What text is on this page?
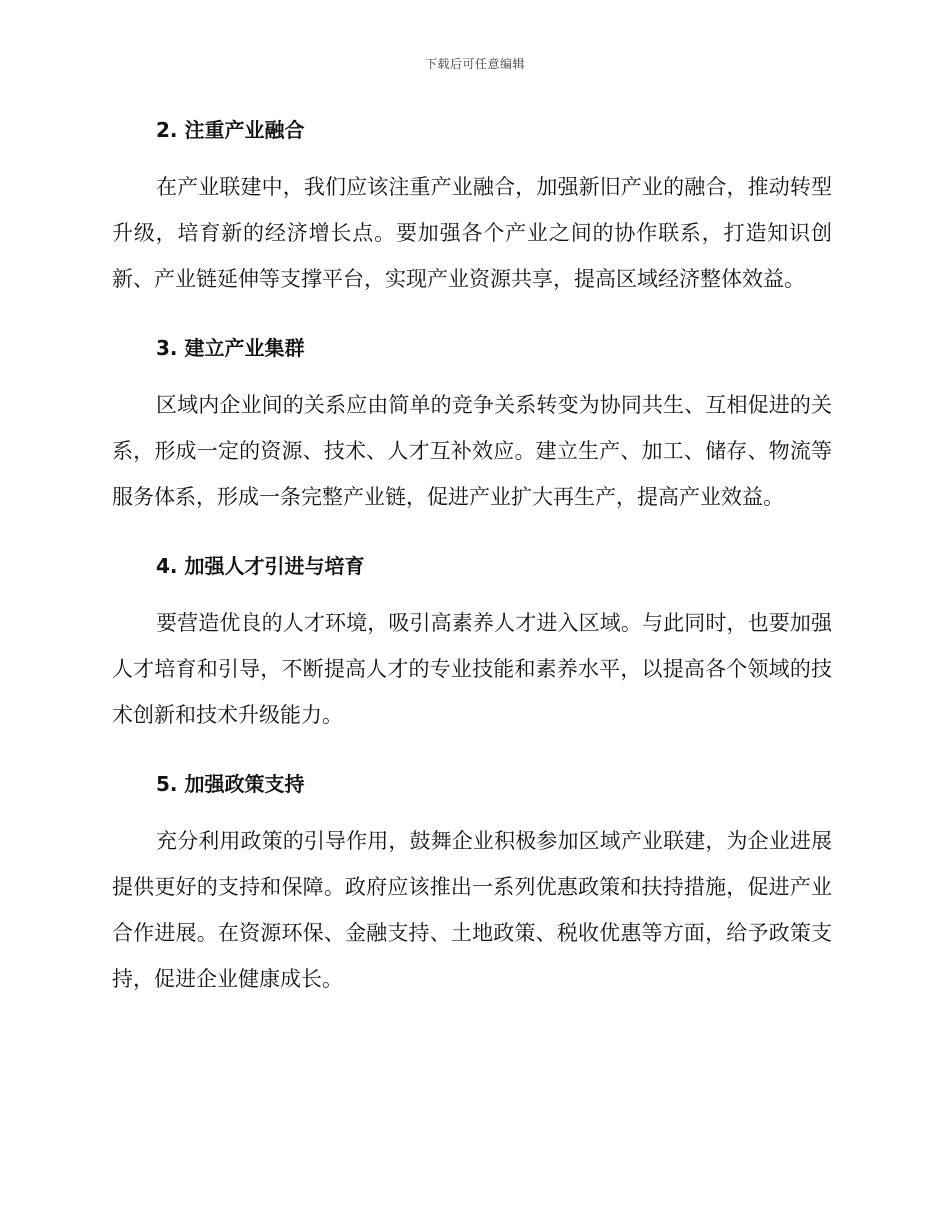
下载后可任意编辑
2. 注重产业融合

在产业联建中，我们应该注重产业融合，加强新旧产业的融合，推动转型升级，培育新的经济增长点。要加强各个产业之间的协作联系，打造知识创新、产业链延伸等支撑平台，实现产业资源共享，提高区域经济整体效益。

3. 建立产业集群

区域内企业间的关系应由简单的竞争关系转变为协同共生、互相促进的关系，形成一定的资源、技术、人才互补效应。建立生产、加工、储存、物流等服务体系，形成一条完整产业链，促进产业扩大再生产，提高产业效益。

4. 加强人才引进与培育

要营造优良的人才环境，吸引高素养人才进入区域。与此同时，也要加强人才培育和引导，不断提高人才的专业技能和素养水平，以提高各个领域的技术创新和技术升级能力。

5. 加强政策支持

充分利用政策的引导作用，鼓舞企业积极参加区域产业联建，为企业进展提供更好的支持和保障。政府应该推出一系列优惠政策和扶持措施，促进产业合作进展。在资源环保、金融支持、土地政策、税收优惠等方面，给予政策支持，促进企业健康成长。
